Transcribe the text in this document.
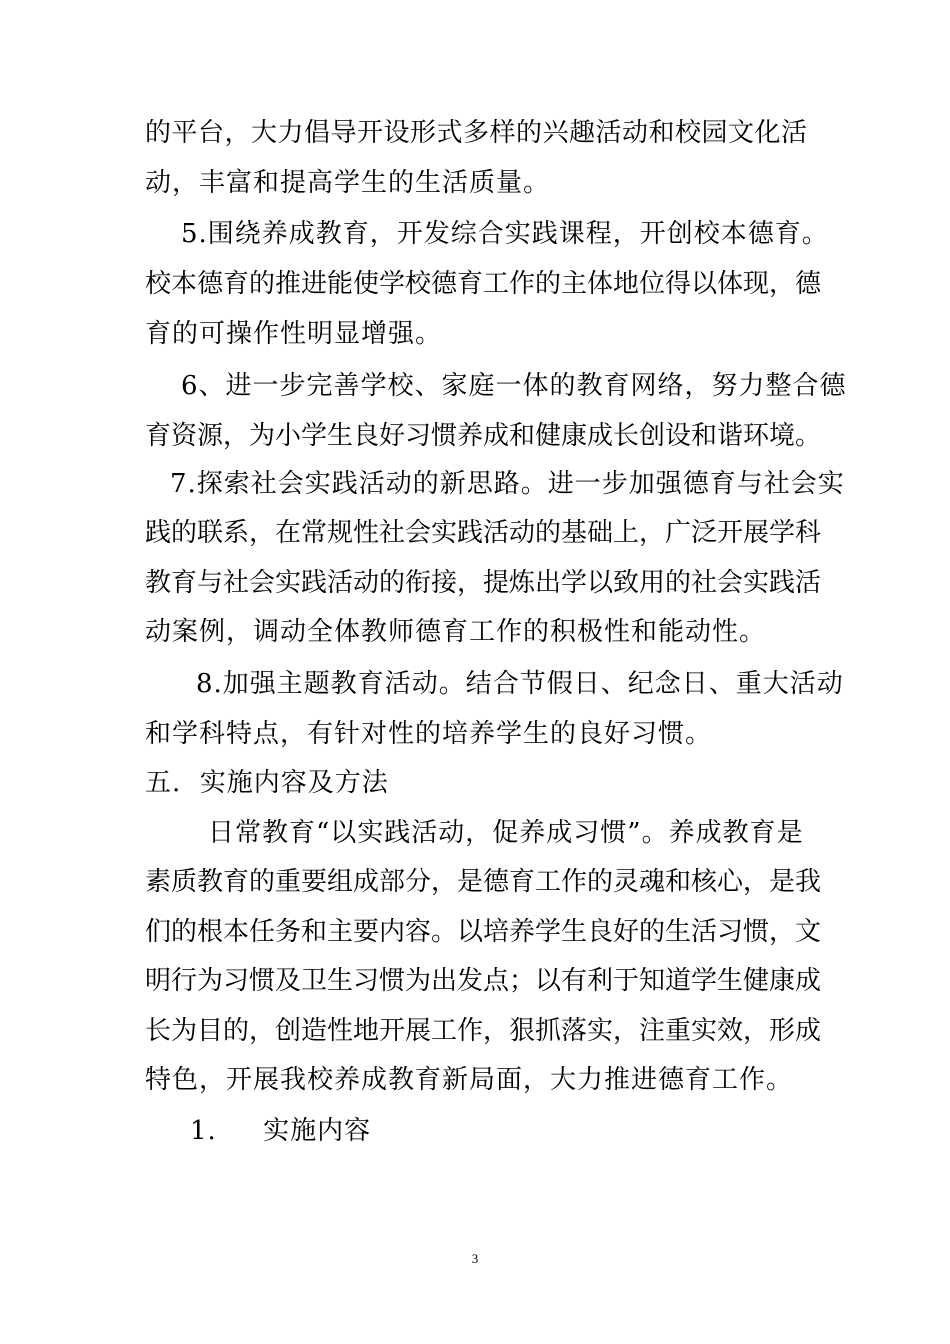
的平台，大力倡导开设形式多样的兴趣活动和校园文化活
动，丰富和提高学生的生活质量。
5.围绕养成教育，开发综合实践课程，开创校本德育。
校本德育的推进能使学校德育工作的主体地位得以体现，德
育的可操作性明显增强。
6、进一步完善学校、家庭一体的教育网络，努力整合德
育资源，为小学生良好习惯养成和健康成长创设和谐环境。
7.探索社会实践活动的新思路。进一步加强德育与社会实
践的联系，在常规性社会实践活动的基础上，广泛开展学科
教育与社会实践活动的衔接，提炼出学以致用的社会实践活
动案例，调动全体教师德育工作的积极性和能动性。
8.加强主题教育活动。结合节假日、纪念日、重大活动
和学科特点，有针对性的培养学生的良好习惯。
五.  实施内容及方法
日常教育“以实践活动，促养成习惯”。养成教育是
素质教育的重要组成部分，是德育工作的灵魂和核心，是我
们的根本任务和主要内容。以培养学生良好的生活习惯，文
明行为习惯及卫生习惯为出发点；以有利于知道学生健康成
长为目的，创造性地开展工作，狠抓落实，注重实效，形成
特色，开展我校养成教育新局面，大力推进德育工作。
1.     实施内容
3
